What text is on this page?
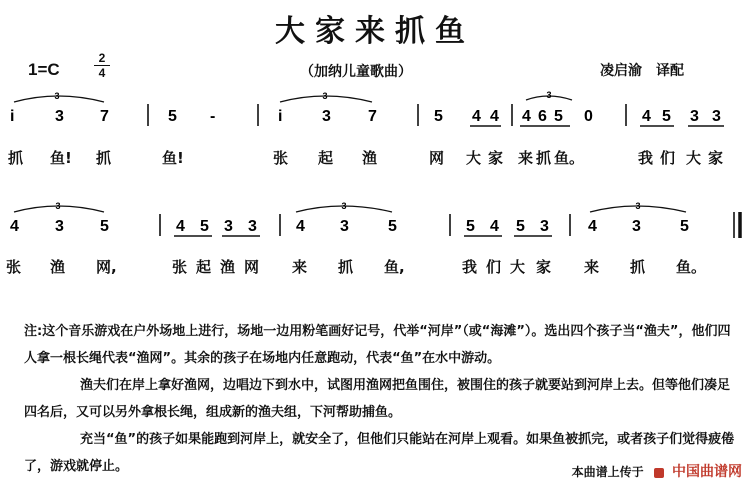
大家来抓鱼
1=C
2
4	（加纳儿童歌曲）	凌启渝　译配
3
i	3 7	5 -
3
i 3 7	5 4 4
3
4 6 5 0	4 5 3 3
抓 鱼! 抓	鱼!	张 起 渔	网 大 家 来 抓 鱼。	我 们 大 家
3
4 3 5	4 5 3 3
3
4 3 5	5 4 5 3
3
4 3 5
张 渔 网,	张 起 渔 网 来 抓 鱼,	我 们 大 家 来 抓 鱼。

注:这个音乐游戏在户外场地上进行，场地一边用粉笔画好记号，代举“河岸”（或“海滩”）。选出四个孩子当“渔夫”，他们四人拿一根长绳代表“渔网”。其余的孩子在场地内任意跑动，代表“鱼”在水中游动。

渔夫们在岸上拿好渔网，边唱边下到水中，试图用渔网把鱼围住，被围住的孩子就要站到河岸上去。但等他们凑足四名后，又可以另外拿根长绳，组成新的渔夫组，下河帮助捕鱼。

充当“鱼”的孩子如果能跑到河岸上，就安全了，但他们只能站在河岸上观看。如果鱼被抓完，或者孩子们觉得疲倦了，游戏就停止。	本曲谱上传于 中国曲谱网
